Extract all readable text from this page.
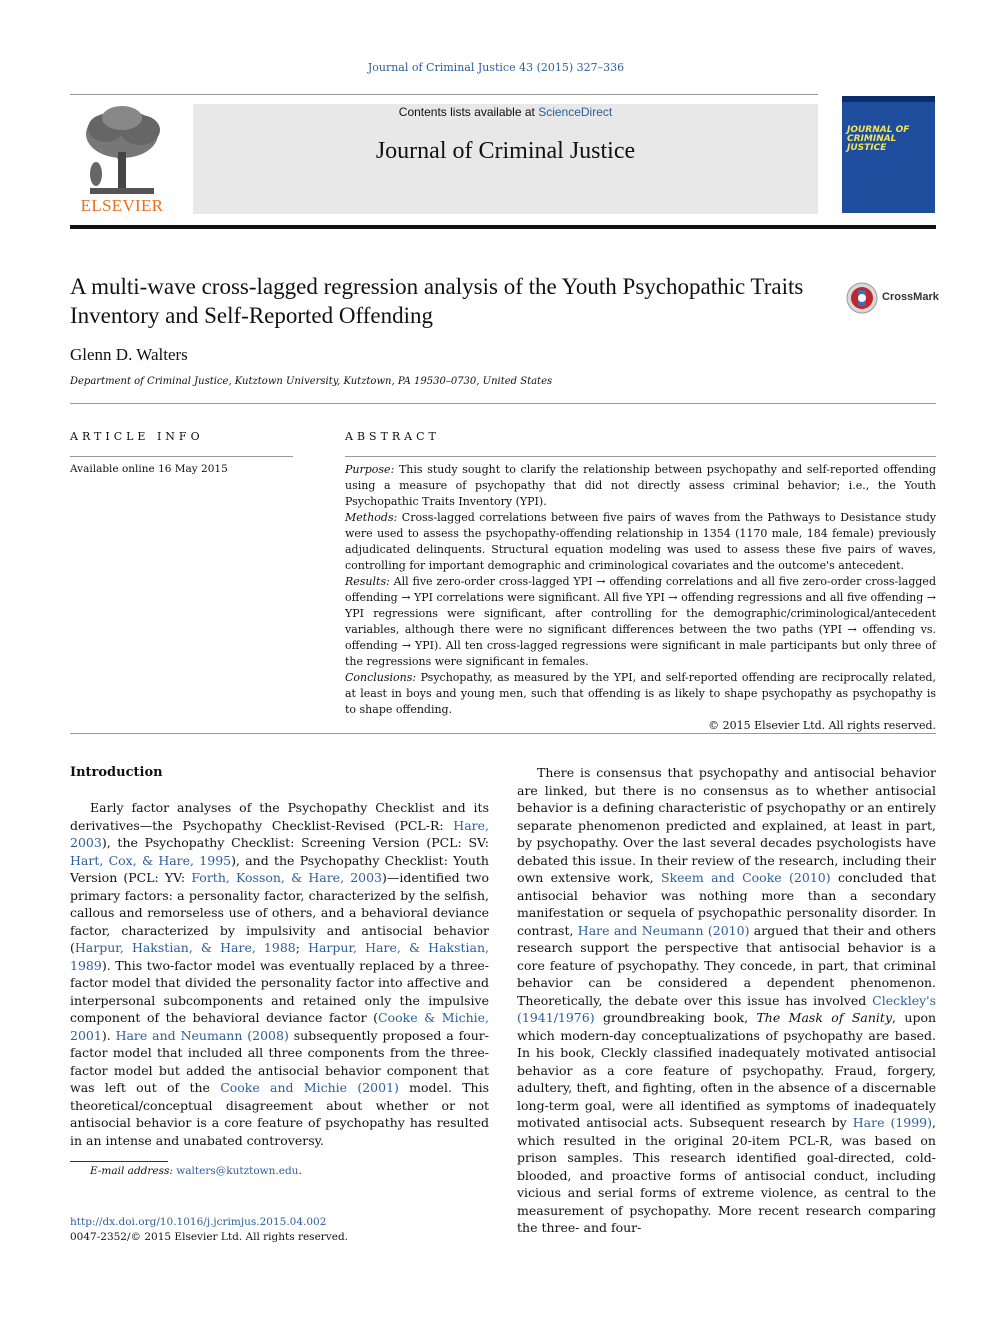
Journal of Criminal Justice 43 (2015) 327–336
ELSEVIER
Contents lists available at ScienceDirect
Journal of Criminal Justice
JOURNAL OF CRIMINAL JUSTICE
A multi-wave cross-lagged regression analysis of the Youth Psychopathic Traits Inventory and Self-Reported Offending
CrossMark
Glenn D. Walters
Department of Criminal Justice, Kutztown University, Kutztown, PA 19530–0730, United States
ARTICLE INFO
Available online 16 May 2015
ABSTRACT

Purpose: This study sought to clarify the relationship between psychopathy and self-reported offending using a measure of psychopathy that did not directly assess criminal behavior; i.e., the Youth Psychopathic Traits Inventory (YPI).

Methods: Cross-lagged correlations between five pairs of waves from the Pathways to Desistance study were used to assess the psychopathy-offending relationship in 1354 (1170 male, 184 female) previously adjudicated delinquents. Structural equation modeling was used to assess these five pairs of waves, controlling for important demographic and criminological covariates and the outcome's antecedent.

Results: All five zero-order cross-lagged YPI → offending correlations and all five zero-order cross-lagged offending → YPI correlations were significant. All five YPI → offending regressions and all five offending → YPI regressions were significant, after controlling for the demographic/criminological/antecedent variables, although there were no significant differences between the two paths (YPI → offending vs. offending → YPI). All ten cross-lagged regressions were significant in male participants but only three of the regressions were significant in females.

Conclusions: Psychopathy, as measured by the YPI, and self-reported offending are reciprocally related, at least in boys and young men, such that offending is as likely to shape psychopathy as psychopathy is to shape offending.

© 2015 Elsevier Ltd. All rights reserved.

Introduction

Early factor analyses of the Psychopathy Checklist and its derivatives—the Psychopathy Checklist-Revised (PCL-R: Hare, 2003), the Psychopathy Checklist: Screening Version (PCL: SV: Hart, Cox, & Hare, 1995), and the Psychopathy Checklist: Youth Version (PCL: YV: Forth, Kosson, & Hare, 2003)—identified two primary factors: a personality factor, characterized by the selfish, callous and remorseless use of others, and a behavioral deviance factor, characterized by impulsivity and antisocial behavior (Harpur, Hakstian, & Hare, 1988; Harpur, Hare, & Hakstian, 1989). This two-factor model was eventually replaced by a three-factor model that divided the personality factor into affective and interpersonal subcomponents and retained only the impulsive component of the behavioral deviance factor (Cooke & Michie, 2001). Hare and Neumann (2008) subsequently proposed a four-factor model that included all three components from the three-factor model but added the antisocial behavior component that was left out of the Cooke and Michie (2001) model. This theoretical/conceptual disagreement about whether or not antisocial behavior is a core feature of psychopathy has resulted in an intense and unabated controversy.

E-mail address: walters@kutztown.edu.
http://dx.doi.org/10.1016/j.jcrimjus.2015.04.002
0047-2352/© 2015 Elsevier Ltd. All rights reserved.

There is consensus that psychopathy and antisocial behavior are linked, but there is no consensus as to whether antisocial behavior is a defining characteristic of psychopathy or an entirely separate phenomenon predicted and explained, at least in part, by psychopathy. Over the last several decades psychologists have debated this issue. In their review of the research, including their own extensive work, Skeem and Cooke (2010) concluded that antisocial behavior was nothing more than a secondary manifestation or sequela of psychopathic personality disorder. In contrast, Hare and Neumann (2010) argued that their and others research support the perspective that antisocial behavior is a core feature of psychopathy. They concede, in part, that criminal behavior can be considered a dependent phenomenon. Theoretically, the debate over this issue has involved Cleckley's (1941/1976) groundbreaking book, The Mask of Sanity, upon which modern-day conceptualizations of psychopathy are based. In his book, Cleckly classified inadequately motivated antisocial behavior as a core feature of psychopathy. Fraud, forgery, adultery, theft, and fighting, often in the absence of a discernable long-term goal, were all identified as symptoms of inadequately motivated antisocial acts. Subsequent research by Hare (1999), which resulted in the original 20-item PCL-R, was based on prison samples. This research identified goal-directed, cold-blooded, and proactive forms of antisocial conduct, including vicious and serial forms of extreme violence, as central to the measurement of psychopathy. More recent research comparing the three- and four-
